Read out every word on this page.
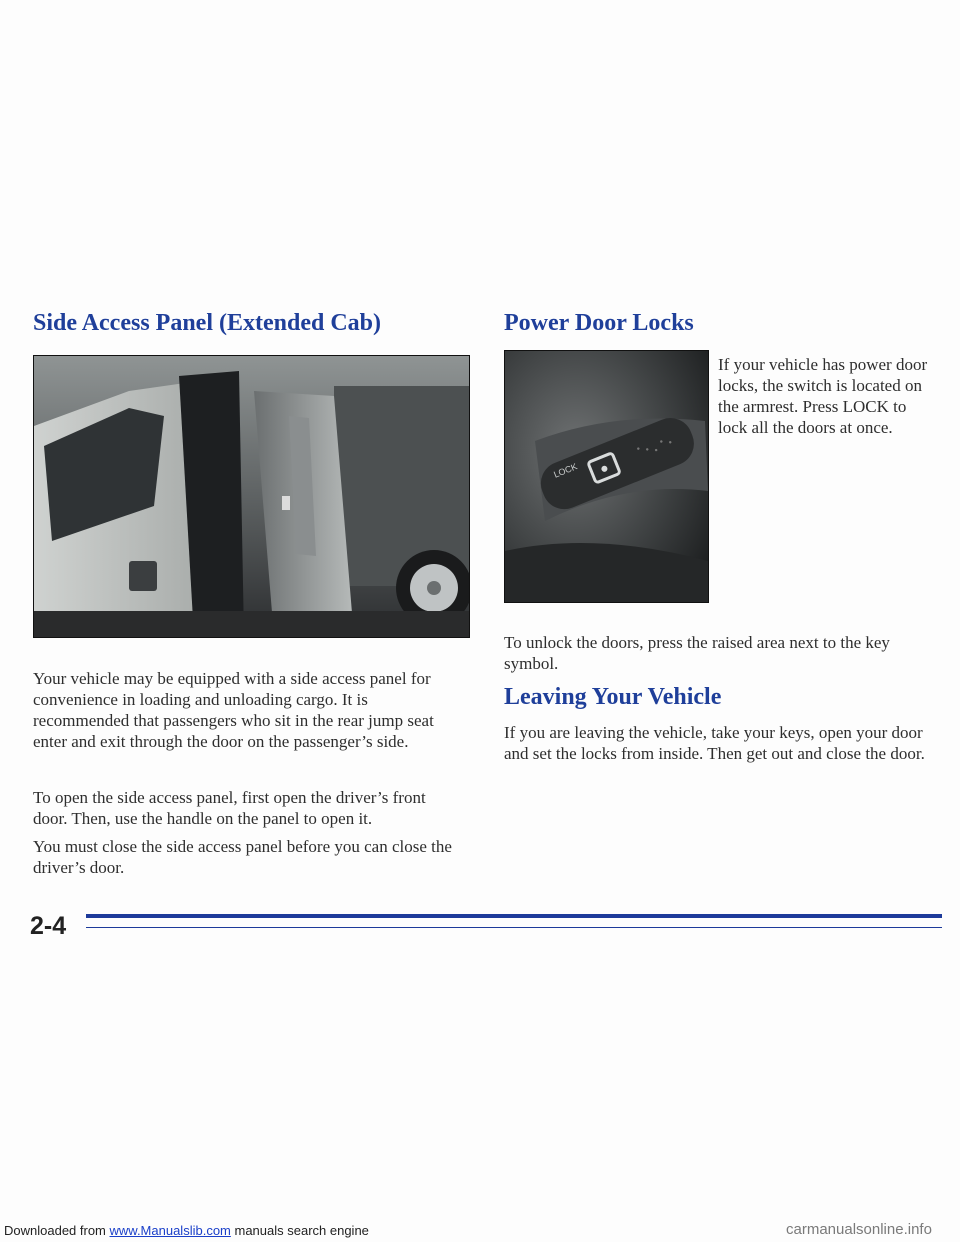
Side Access Panel (Extended Cab)

Your vehicle may be equipped with a side access panel for convenience in loading and unloading cargo. It is recommended that passengers who sit in the rear jump seat enter and exit through the door on the passenger’s side.

To open the side access panel, first open the driver’s front door. Then, use the handle on the panel to open it.

You must close the side access panel before you can close the driver’s door.

Power Door Locks
LOCK

If your vehicle has power door locks, the switch is located on the armrest. Press LOCK to lock all the doors at once.

To unlock the doors, press the raised area next to the key symbol.

Leaving Your Vehicle

If you are leaving the vehicle, take your keys, open your door and set the locks from inside. Then get out and close the door.

2-4
Downloaded from www.Manualslib.com manuals search engine	carmanualsonline.info
